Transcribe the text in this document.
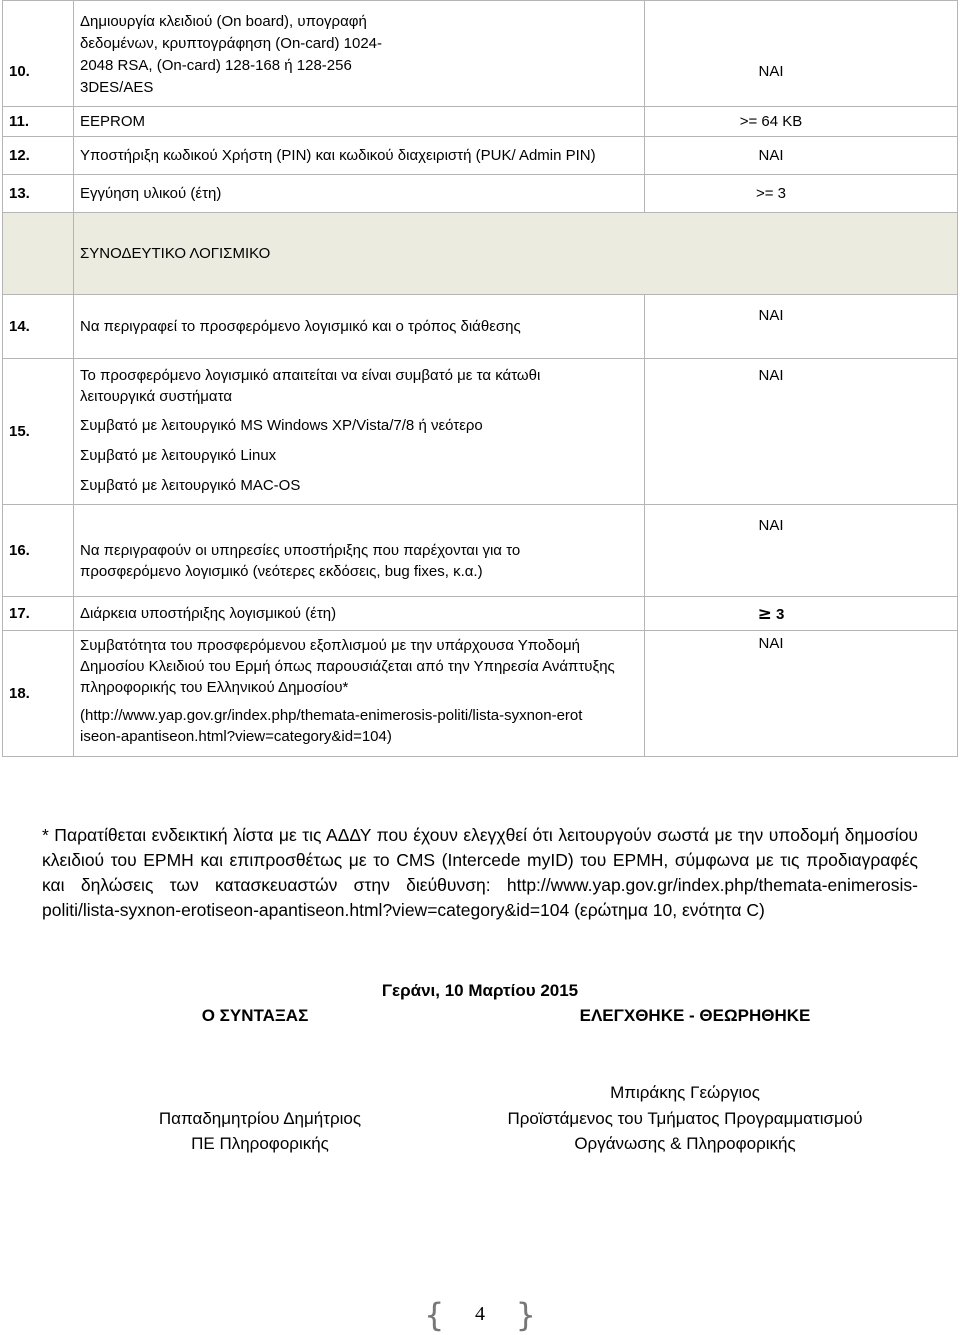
10.	Δημιουργία κλειδιού (On board), υπογραφή δεδομένων, κρυπτογράφηση (On-card) 1024-2048 RSA, (On-card) 128-168 ή 128-256 3DES/AES	ΝΑΙ
11.	EEPROM	>= 64 KB
12.	Υποστήριξη κωδικού Χρήστη (PIN) και κωδικού διαχειριστή (PUK/ Admin PIN)	ΝΑΙ
13.	Εγγύηση υλικού (έτη)	>= 3
	ΣΥΝΟΔΕΥΤΙΚΟ ΛΟΓΙΣΜΙΚΟ	
14.	Να περιγραφεί το προσφερόμενο λογισμικό και ο τρόπος διάθεσης	ΝΑΙ
15.	Το προσφερόμενο λογισμικό απαιτείται να είναι συμβατό με τα κάτωθι λειτουργικά συστήματα
Συμβατό με λειτουργικό MS Windows XP/Vista/7/8 ή νεότερο
Συμβατό με λειτουργικό Linux
Συμβατό με λειτουργικό MAC-OS	ΝΑΙ
16.	Να περιγραφούν οι υπηρεσίες υποστήριξης που παρέχονται για το προσφερόμενο λογισμικό (νεότερες εκδόσεις, bug fixes, κ.α.)	ΝΑΙ
17.	Διάρκεια υποστήριξης λογισμικού (έτη)	≥ 3
18.	Συμβατότητα του προσφερόμενου εξοπλισμού με την υπάρχουσα Υποδομή Δημοσίου Κλειδιού του Ερμή όπως παρουσιάζεται από την Υπηρεσία Ανάπτυξης πληροφορικής του Ελληνικού Δημοσίου*
(http://www.yap.gov.gr/index.php/themata-enimerosis-politi/lista-syxnon-erotiseon-apantiseon.html?view=category&id=104)	ΝΑΙ

* Παρατίθεται ενδεικτική λίστα με τις ΑΔΔΥ που έχουν ελεγχθεί ότι λειτουργούν σωστά με την υποδομή δημοσίου κλειδιού του ΕΡΜΗ και επιπροσθέτως με το CMS (Intercede myID) του ΕΡΜΗ, σύμφωνα με τις προδιαγραφές και δηλώσεις των κατασκευαστών στην διεύθυνση: http://www.yap.gov.gr/index.php/themata-enimerosis-politi/lista-syxnon-erotiseon-apantiseon.html?view=category&id=104 (ερώτημα 10, ενότητα C)

Γεράνι, 10 Μαρτίου 2015
Ο ΣΥΝΤΑΞΑΣ	ΕΛΕΓΧΘΗΚΕ - ΘΕΩΡΗΘΗΚΕ
Μπιράκης Γεώργιος
Προϊστάμενος του Τμήματος Προγραμματισμού
Οργάνωσης & Πληροφορικής
Παπαδημητρίου Δημήτριος
ΠΕ Πληροφορικής
{	4 }
